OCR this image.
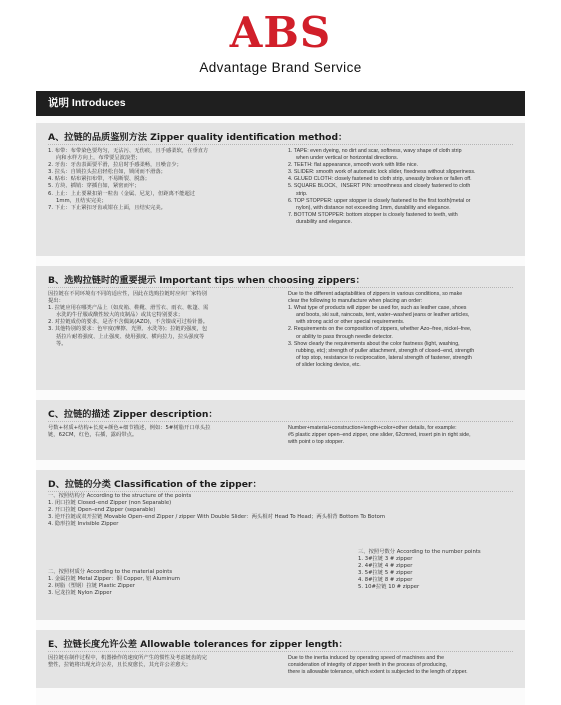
ABS
Advantage Brand Service
说明 Introduces
A、拉链的品质鉴别方法 Zipper quality identification method：

1. 布带：布带染色要均匀，无沾污、无伤痕，且手感柔软，在垂直方

向和水样方向上，布带要呈波浪型；

2. 牙齿：牙齿表面要平滑，拉启时手感柔畅，且噪音少；

3. 拉头：自锁拉头拉启轻松自如，锁闭而不滑落；

4. 贴布：贴布紧扣布带，不易断裂、脱落；

5. 方块、插销：穿插自如，紧密而牢；

6. 上止：上止要紧扣第一粒齿（金属、尼龙），但距离不能超过

1mm，且结实完美；

7. 下止：下止紧扣牙齿或钳在上面，且结实完美。

1. TAPE: even dyeing, no dirt and scar, softness, wavy shape of cloth strip

when under vertical or horizontal directions.

2. TEETH: flat appearance, smooth work with little nice.

3. SLIDER: smooth work of automatic lock slider, fixedness without slipperiness.

4. GLUED CLOTH: closely fastened to cloth strip, uneasily broken or fallen off.

5. SQUARE BLOCK、INSERT PIN: smoothness and closely fastened to cloth

strip.

6. TOP STOPPER: upper stopper is closely fastened to the first tooth(metal or

nylon), with distance not exceeding 1mm, durability and elegance.

7. BOTTOM STOPPER: bottom stopper is closely fastened to teeth, with

durability and elegance.

B、选购拉链时的重要提示 Important tips when choosing zippers：

因拉链在不同环境有不同的适应性，因此在选购拉链时应向厂家特别

提出：

1. 拉链应用在哪类产品上（如皮箱、鞋靴、滑雪衣、雨衣、帐篷、需

水洗的牛仔服或酸性较大的皮制品）或其它特别要求；

2. 对拉链成份的要求，是否不含偶氮(AZO)，不含镍或可过检针器。

3. 其他特别的要求：色牢度(摩擦、光照、水洗等)；拉链的强度，包

括拉片耐着强度、上止强度、使用强度、横向拉力，拉头强度等

等。

Due to the different adaptabilities of zippers in various conditions, so make

clear the following to manufacture when placing an order:

1. What type of products will zipper be used for, such as leather case, shoes

and boots, ski suit, raincoats, tent, water–washed jeans or leather articles,

with strong acid or other special requirements.

2. Requirements on the composition of zippers, whether Azo–free, nickel–free,

or ability to pass through needle detector.

3. Show clearly the requirements about the color fastness (light, washing,

rubbing, etc); strength of puller attachment, strength of closed–end, strength

of top stop, resistance to reciprocation, lateral strength of fastener, strength

of slider locking device, etc.

C、拉链的描述 Zipper description：

号数+材质+结构+长度+颜色+细节描述，例如：5#树脂开口单头拉

链，62CM，红色，右插，露码带点。

Number+material+construction+length+color+other details, for example:

#5 plastic zipper open–end zipper, one slider, 62cmred, insert pin in right side,

with point o top stopper.

D、拉链的分类 Classification of the zipper：

一、按照结构分 According to the structure of the points

1. 闭口拉链 Closed–end Zipper (non Separable)

2. 开口拉链 Open–end Zipper (separable)

3. 逆开拉链或双开拉链 Movable Open–end Zipper / zipper With Double Slider：两头相对 Head To Head；两头相背 Bottom To Botom

4. 隐形拉链 Invisible Zipper

三、按照号数分 According to the number points

1. 3#拉链 3 # zipper

2. 4#拉链 4 # zipper

3. 5#拉链 5 # zipper

4. 8#拉链 8 # zipper

5. 10#拉链 10 # zipper

二、按照材质分 According to the material points

1. 金属拉链 Metal Zipper：铜 Copper, 铝 Aluminum

2. 树脂（塑钢）拉链 Plastic Zipper

3. 尼龙拉链 Nylon Zipper

E、拉链长度允许公差 Allowable tolerances for zipper length：

因拉链在制作过程中，机器操作的速度所产生的惯性及考虑链齿的完

整性，拉链将出现允许公差，且长度愈长，其允许公差愈大；

Due to the inertia induced by operating speed of machines and the

consideration of integrity of zipper teeth in the process of producing,

there is allowable tolerance, which extent is subjected to the length of zipper.
